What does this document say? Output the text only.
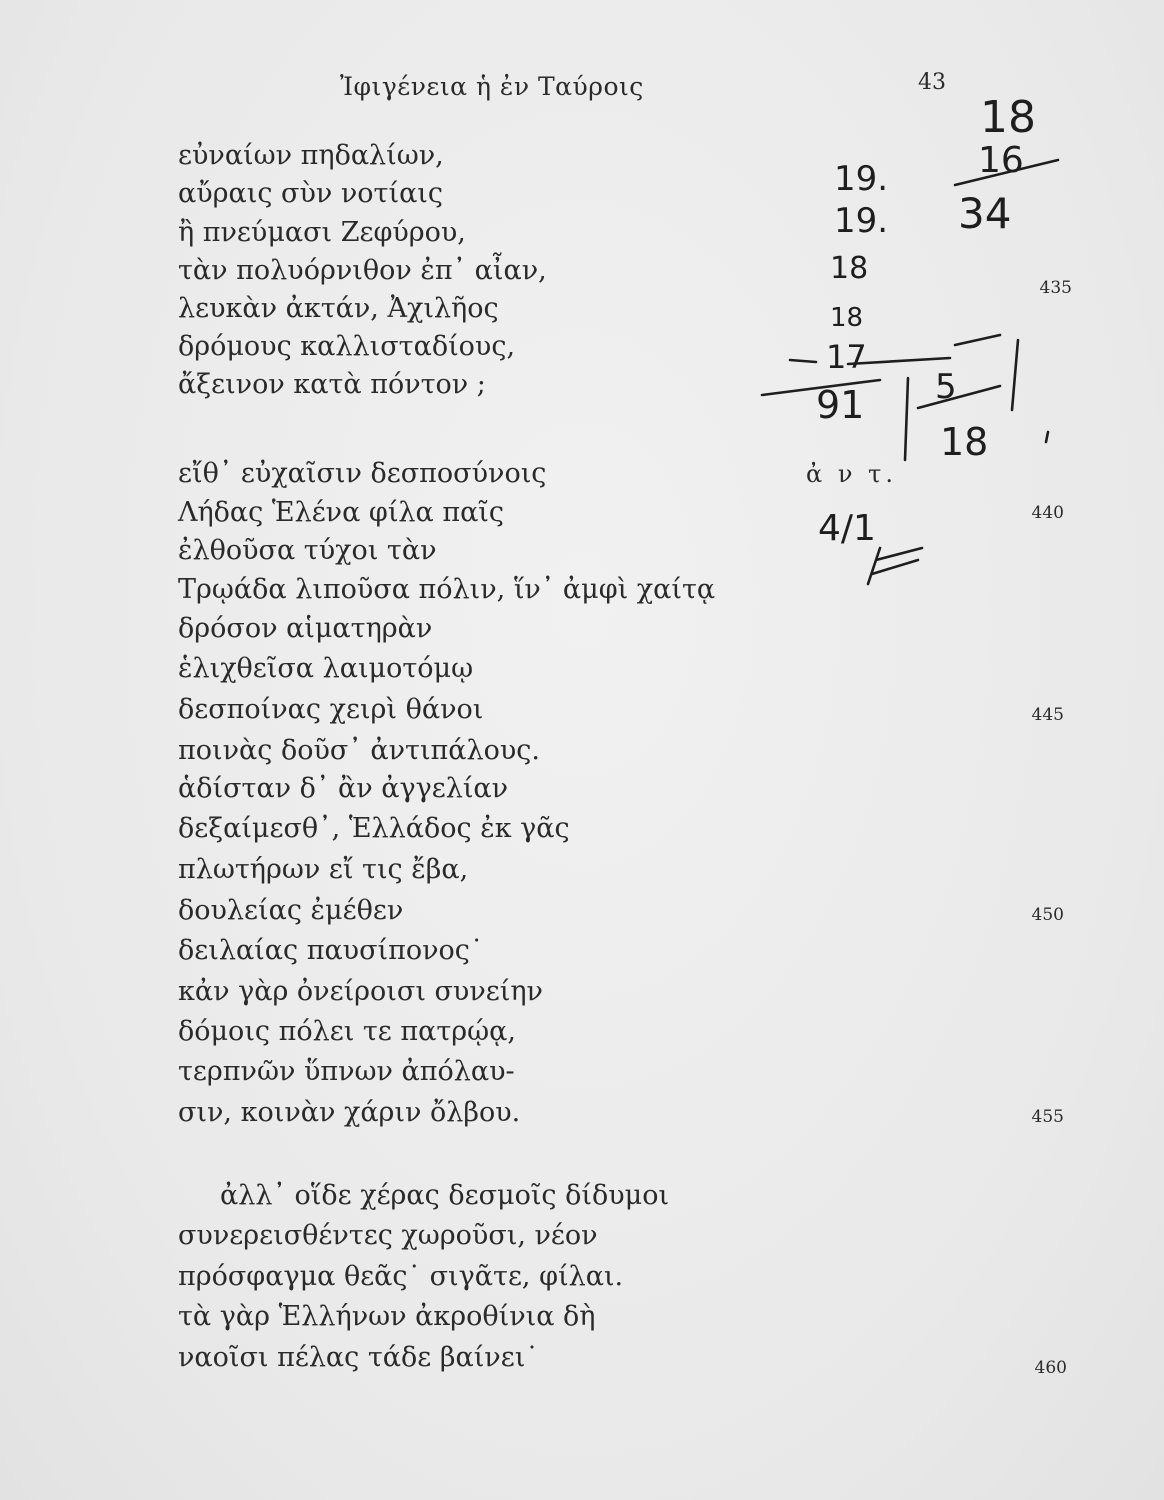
Ἰφιγένεια ἡ ἐν Ταύροις	43
εὐναίων πηδαλίων,
αὔραις σὺν νοτίαις
ἢ πνεύμασι Ζεφύρου,
τὰν πολυόρνιθον ἐπ᾽ αἶαν,
λευκὰν ἀκτάν, Ἀχιλῆος
δρόμους καλλισταδίους,
ἄξεινον κατὰ πόντον ;
εἴθ᾽ εὐχαῖσιν δεσποσύνοις
Λήδας Ἑλένα φίλα παῖς
ἐλθοῦσα τύχοι τὰν
Τρῳάδα λιποῦσα πόλιν, ἵν᾽ ἀμφὶ χαίτᾳ
δρόσον αἱματηρὰν
ἑλιχθεῖσα λαιμοτόμῳ
δεσποίνας χειρὶ θάνοι
ποινὰς δοῦσ᾽ ἀντιπάλους.
ἁδίσταν δ᾽ ἂν ἀγγελίαν
δεξαίμεσθ᾽, Ἑλλάδος ἐκ γᾶς
πλωτήρων εἴ τις ἔβα,
δουλείας ἐμέθεν
δειλαίας παυσίπονος˙
κἀν γὰρ ὀνείροισι συνείην
δόμοις πόλει τε πατρῴᾳ,
τερπνῶν ὕπνων ἀπόλαυ-
σιν, κοινὰν χάριν ὄλβου.
ἀλλ᾽ οἵδε χέρας δεσμοῖς δίδυμοι
συνερεισθέντες χωροῦσι, νέον
πρόσφαγμα θεᾶς˙ σιγᾶτε, φίλαι.
τὰ γὰρ Ἑλλήνων ἀκροθίνια δὴ
ναοῖσι πέλας τάδε βαίνει˙
435
440
445
450
455
460
ἀ ν τ.
19.
19.
18
18
17
91
18
16
34
5
18
4/1
